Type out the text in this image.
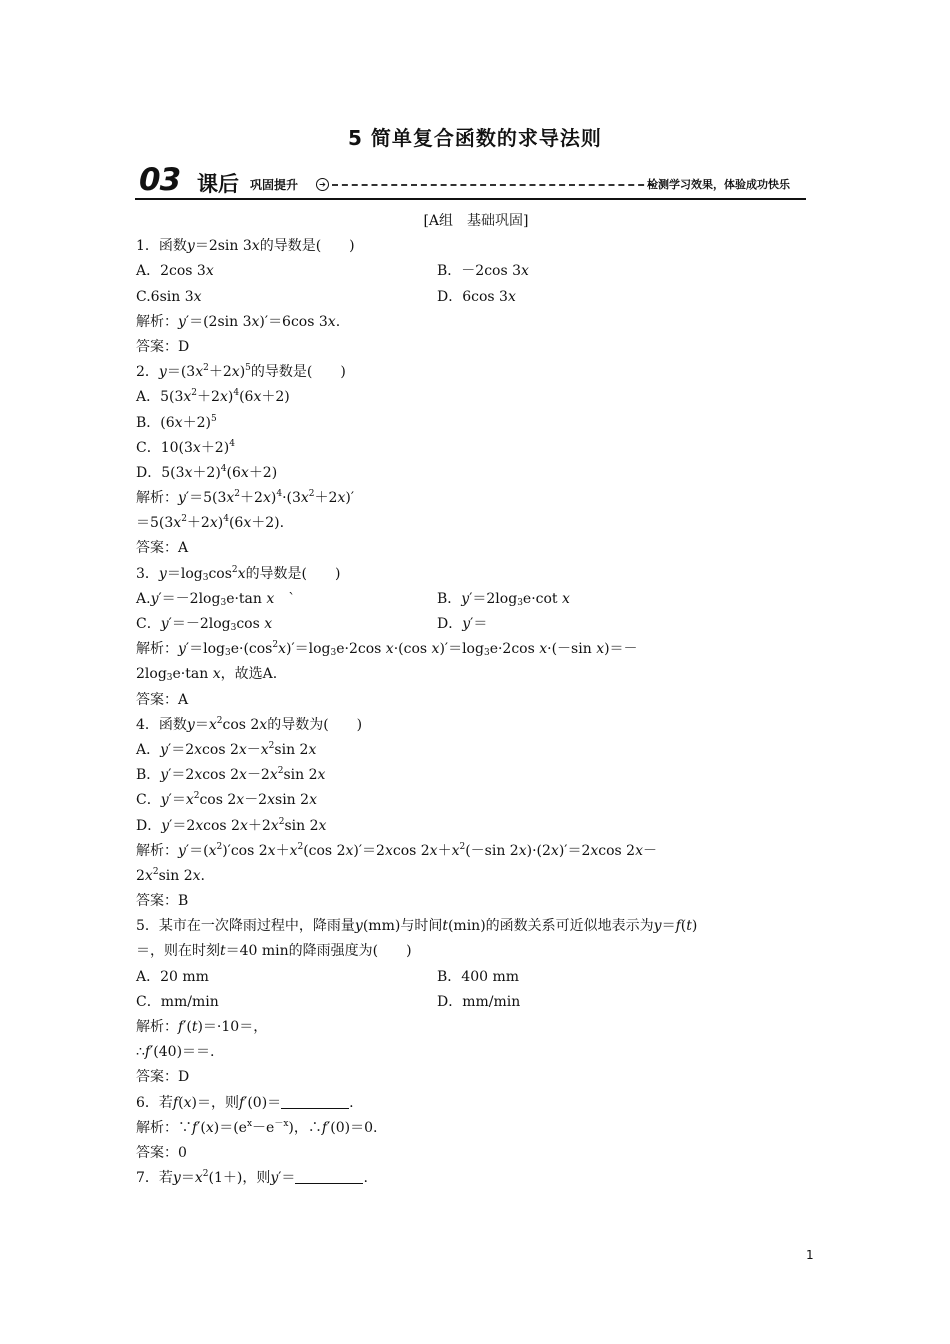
5 简单复合函数的求导法则
03 课后 巩固提升	➔	检测学习效果，体验成功快乐
[A组　基础巩固]
1．函数y＝2sin 3x的导数是(　　)
A．2cos 3x	B．－2cos 3x
C.6sin 3x	D．6cos 3x
解析：y′＝(2sin 3x)′＝6cos 3x.
答案：D
2．$y=(3x^2+2x)^5$的导数是(　　)
A．$5(3x^2+2x)^4(6x+2)$
B．$(6x+2)^5$
C．$10(3x+2)^4$
D．$5(3x+2)^4(6x+2)$
解析：$y'=5(3x^2+2x)^4\cdot(3x^2+2x)'$
$=5(3x^2+2x)^4(6x+2)$.
答案：A
3．$y=\log_3\cos^2x$的导数是(　　)
$A.y'=-2\log_3e\cdot\tan$ x　`	B．$y'=2\log_3e\cdot\cot$ x
C．$y'=-2\log_3\cos$ x	D．y′＝
解析：$y'=\log_3e\cdot(\cos^2x)'=\log_3e\cdot 2\cos$ x·(cos $x)'=\log_3e\cdot 2\cos$ x·(－sin x)＝－
$2\log_3e\cdot\tan$ x，故选A.
答案：A
4．函数$y=x^2\cos$ 2x的导数为(　　)
A．y′＝2xcos $2x-x^2\sin$ 2x
B．y′＝2xcos $2x-2x^2\sin$ 2x
C．$y'=x^2\cos$ 2x－2xsin 2x
D．y′＝2xcos $2x+2x^2\sin$ 2x
解析：$y'=(x^2)'\cos$ $2x+x^2(\cos$ 2x)′＝2xcos $2x+x^2(-\sin$ 2x)·(2x)′＝2xcos 2x－
$2x^2\sin$ 2x.
答案：B
5．某市在一次降雨过程中，降雨量y(mm)与时间t(min)的函数关系可近似地表示为y＝f(t)
＝，则在时刻t＝40 min的降雨强度为(　　)
A．20 mm	B．400 mm
C．mm/min	D．mm/min
解析：f′(t)＝·10＝，
∴f′(40)＝＝.
答案：D
6．若f(x)＝，则f′(0)＝	.
解析：$\because f'(x)=(e^x-e^{-x})$，∴f′(0)＝0.
答案：0
7．若$y=x^2(1+)$，则y′＝	.
1
